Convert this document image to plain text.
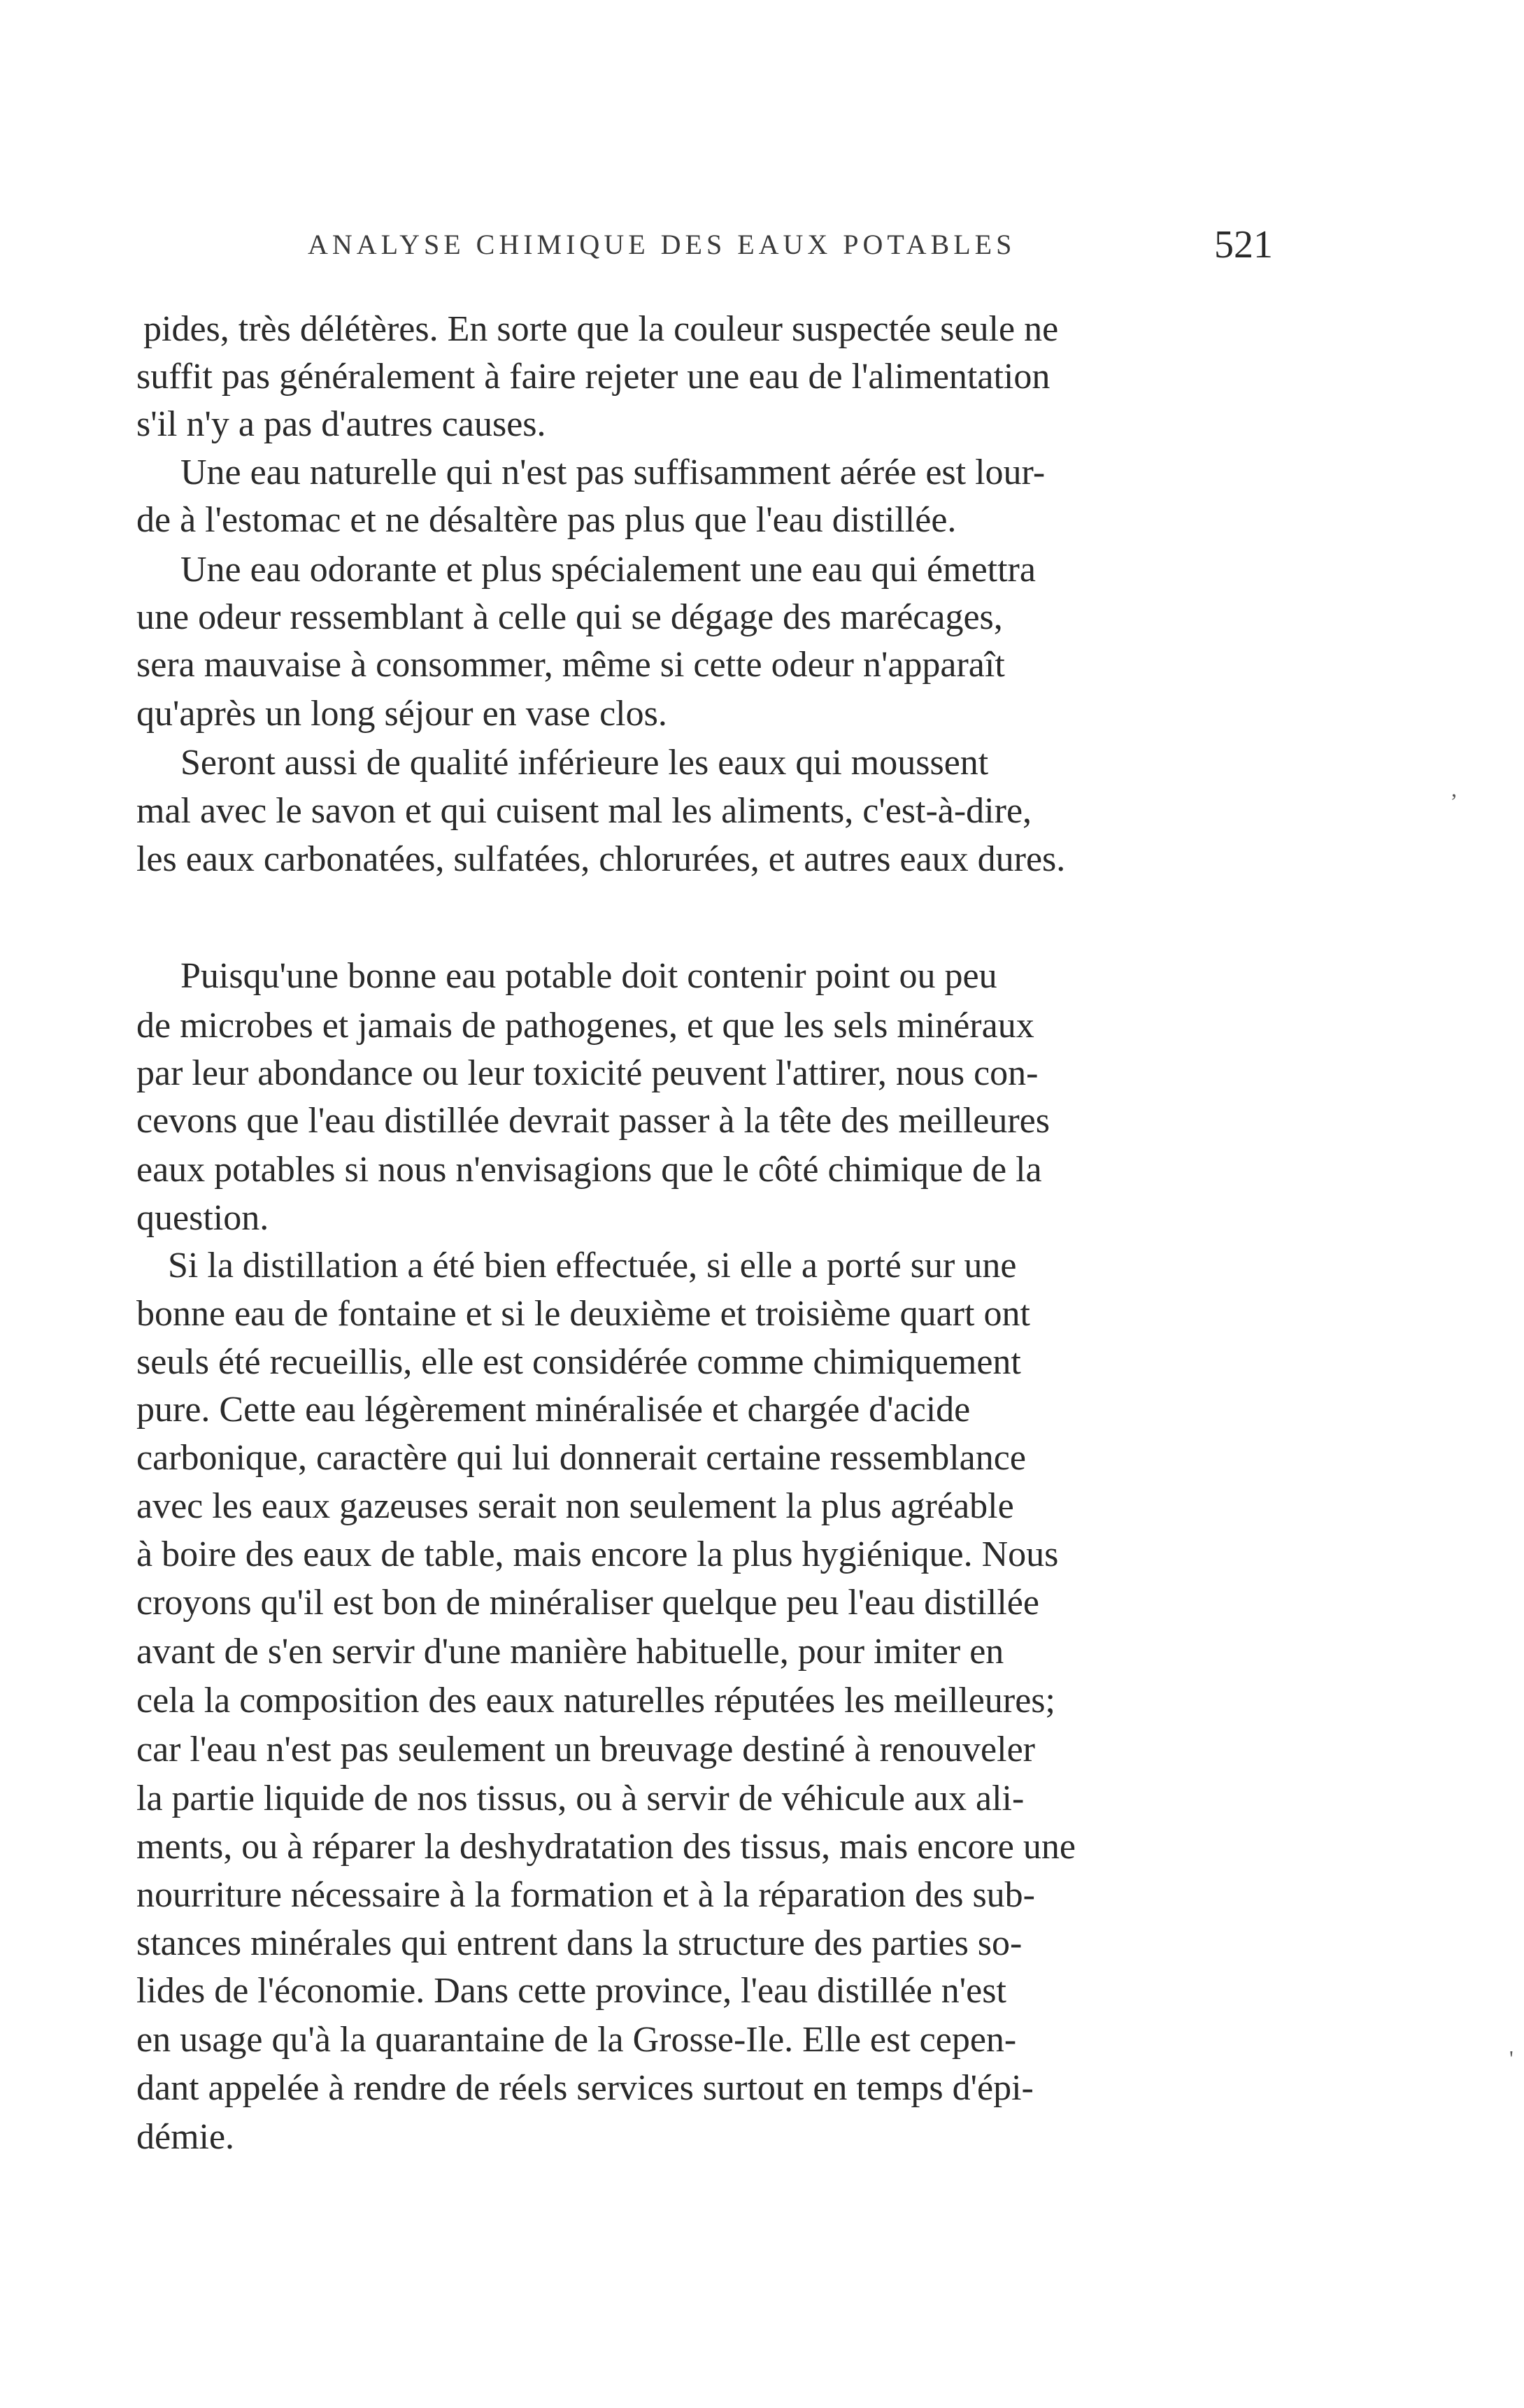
ANALYSE CHIMIQUE DES EAUX POTABLES	521
pides, très délétères. En sorte que la couleur suspectée seule ne
suffit pas généralement à faire rejeter une eau de l'alimentation
s'il n'y a pas d'autres causes.
Une eau naturelle qui n'est pas suffisamment aérée est lour-
de à l'estomac et ne désaltère pas plus que l'eau distillée.
Une eau odorante et plus spécialement une eau qui émettra
une odeur ressemblant à celle qui se dégage des marécages,
sera mauvaise à consommer, même si cette odeur n'apparaît
qu'après un long séjour en vase clos.
Seront aussi de qualité inférieure les eaux qui moussent
mal avec le savon et qui cuisent mal les aliments, c'est-à-dire,
les eaux carbonatées, sulfatées, chlorurées, et autres eaux dures.
Puisqu'une bonne eau potable doit contenir point ou peu
de microbes et jamais de pathogenes, et que les sels minéraux
par leur abondance ou leur toxicité peuvent l'attirer, nous con-
cevons que l'eau distillée devrait passer à la tête des meilleures
eaux potables si nous n'envisagions que le côté chimique de la
question.
Si la distillation a été bien effectuée, si elle a porté sur une
bonne eau de fontaine et si le deuxième et troisième quart ont
seuls été recueillis, elle est considérée comme chimiquement
pure. Cette eau légèrement minéralisée et chargée d'acide
carbonique, caractère qui lui donnerait certaine ressemblance
avec les eaux gazeuses serait non seulement la plus agréable
à boire des eaux de table, mais encore la plus hygiénique. Nous
croyons qu'il est bon de minéraliser quelque peu l'eau distillée
avant de s'en servir d'une manière habituelle, pour imiter en
cela la composition des eaux naturelles réputées les meilleures;
car l'eau n'est pas seulement un breuvage destiné à renouveler
la partie liquide de nos tissus, ou à servir de véhicule aux ali-
ments, ou à réparer la deshydratation des tissus, mais encore une
nourriture nécessaire à la formation et à la réparation des sub-
stances minérales qui entrent dans la structure des parties so-
lides de l'économie. Dans cette province, l'eau distillée n'est
en usage qu'à la quarantaine de la Grosse-Ile. Elle est cepen-
dant appelée à rendre de réels services surtout en temps d'épi-
démie.
,
'
